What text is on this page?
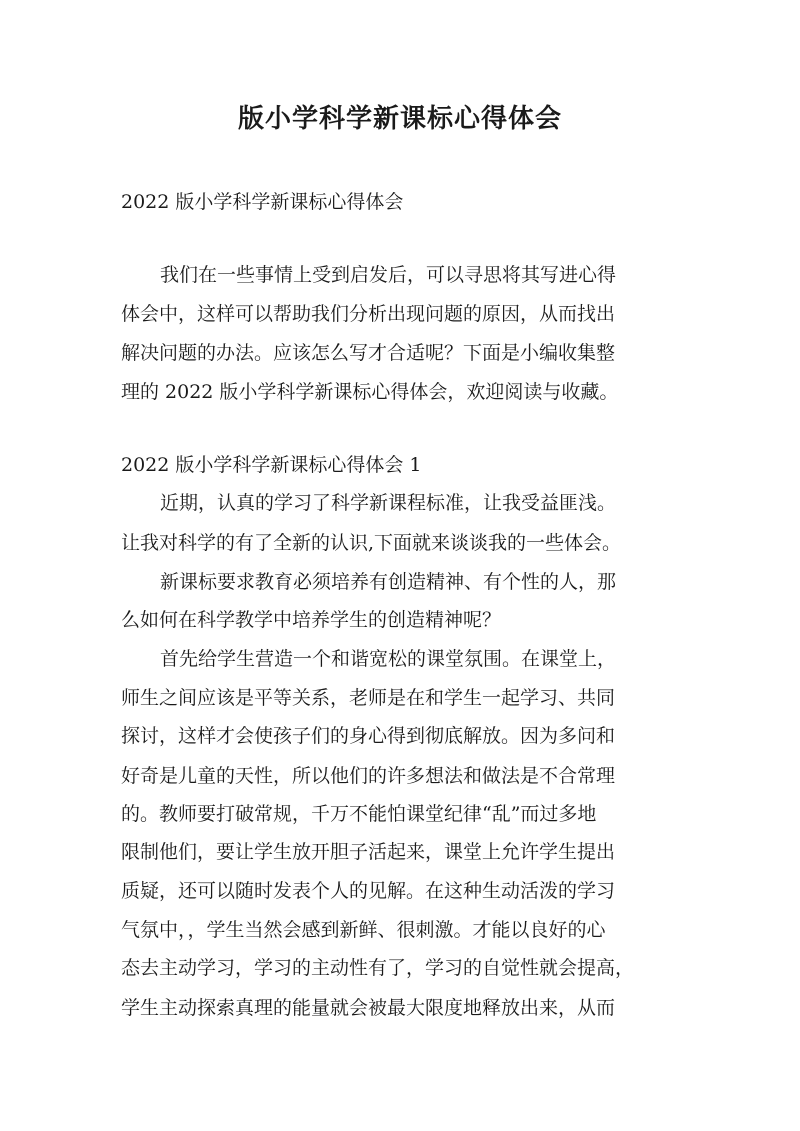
版小学科学新课标心得体会
2022 版小学科学新课标心得体会
我们在一些事情上受到启发后，可以寻思将其写进心得
体会中，这样可以帮助我们分析出现问题的原因，从而找出
解决问题的办法。应该怎么写才合适呢？下面是小编收集整
理的 2022 版小学科学新课标心得体会，欢迎阅读与收藏。
2022 版小学科学新课标心得体会 1
近期，认真的学习了科学新课程标准，让我受益匪浅。
让我对科学的有了全新的认识,下面就来谈谈我的一些体会。
新课标要求教育必须培养有创造精神、有个性的人，那
么如何在科学教学中培养学生的创造精神呢？
首先给学生营造一个和谐宽松的课堂氛围。在课堂上，
师生之间应该是平等关系，老师是在和学生一起学习、共同
探讨，这样才会使孩子们的身心得到彻底解放。因为多问和
好奇是儿童的天性，所以他们的许多想法和做法是不合常理
的。教师要打破常规，千万不能怕课堂纪律“乱”而过多地
限制他们，要让学生放开胆子活起来，课堂上允许学生提出
质疑，还可以随时发表个人的见解。在这种生动活泼的学习
气氛中，，学生当然会感到新鲜、很刺激。才能以良好的心
态去主动学习，学习的主动性有了，学习的自觉性就会提高，
学生主动探索真理的能量就会被最大限度地释放出来，从而
